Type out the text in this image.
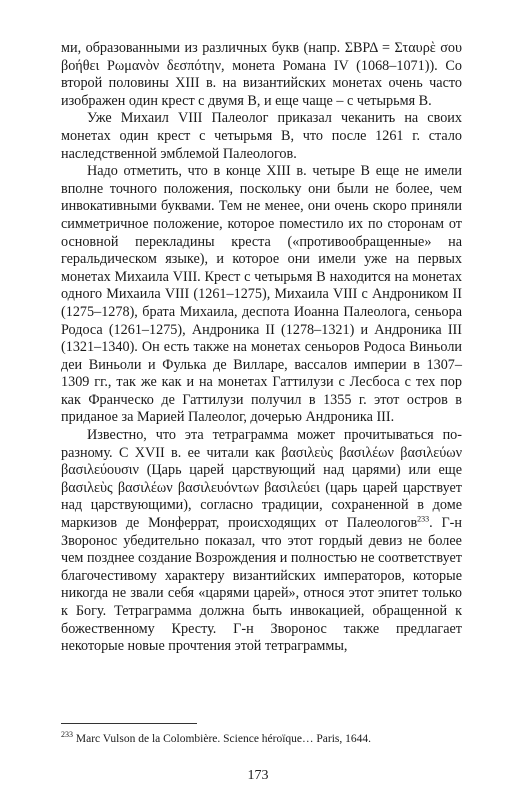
ми, образованными из различных букв (напр. ΣΒΡΔ = Σταυρὲ σου βοήθει Ρωμανὸν δεσπότην, монета Романа IV (1068–1071)). Со второй половины XIII в. на византийских монетах очень часто изображен один крест с двумя В, и еще чаще – с четырьмя В.

Уже Михаил VIII Палеолог приказал чеканить на своих монетах один крест с четырьмя В, что после 1261 г. стало наследственной эмблемой Палеологов.

Надо отметить, что в конце XIII в. четыре В еще не имели вполне точного положения, поскольку они были не более, чем инвокативными буквами. Тем не менее, они очень скоро приняли симметричное положение, которое поместило их по сторонам от основной перекладины креста («противообращенные» на геральдическом языке), и которое они имели уже на первых монетах Михаила VIII. Крест с четырьмя В находится на монетах одного Михаила VIII (1261–1275), Михаила VIII с Андроником II (1275–1278), брата Михаила, деспота Иоанна Палеолога, сеньора Родоса (1261–1275), Андроника II (1278–1321) и Андроника III (1321–1340). Он есть также на монетах сеньоров Родоса Виньоли деи Виньоли и Фулька де Вилларе, вассалов империи в 1307–1309 гг., так же как и на монетах Гаттилузи с Лесбоса с тех пор как Франческо де Гаттилузи получил в 1355 г. этот остров в приданое за Марией Палеолог, дочерью Андроника III.

Известно, что эта тетраграмма может прочитываться по-разному. С XVII в. ее читали как βασιλεὺς βασιλέων βασιλεύων βασιλεύουσιν (Царь царей царствующий над царями) или еще βασιλεὺς βασιλέων βασιλευόντων βασιλεύει (царь царей царствует над царствующими), согласно традиции, сохраненной в доме маркизов де Монферрат, происходящих от Палеологов$^{233}$. Г-н Зворонос убедительно показал, что этот гордый девиз не более чем позднее создание Возрождения и полностью не соответствует благочестивому характеру византийских императоров, которые никогда не звали себя «царями царей», относя этот эпитет только к Богу. Тетраграмма должна быть инвокацией, обращенной к божественному Кресту. Г-н Зворонос также предлагает некоторые новые прочтения этой тетраграммы,

$^{233}$ Marc Vulson de la Colombière. Science héroïque… Paris, 1644.
173
